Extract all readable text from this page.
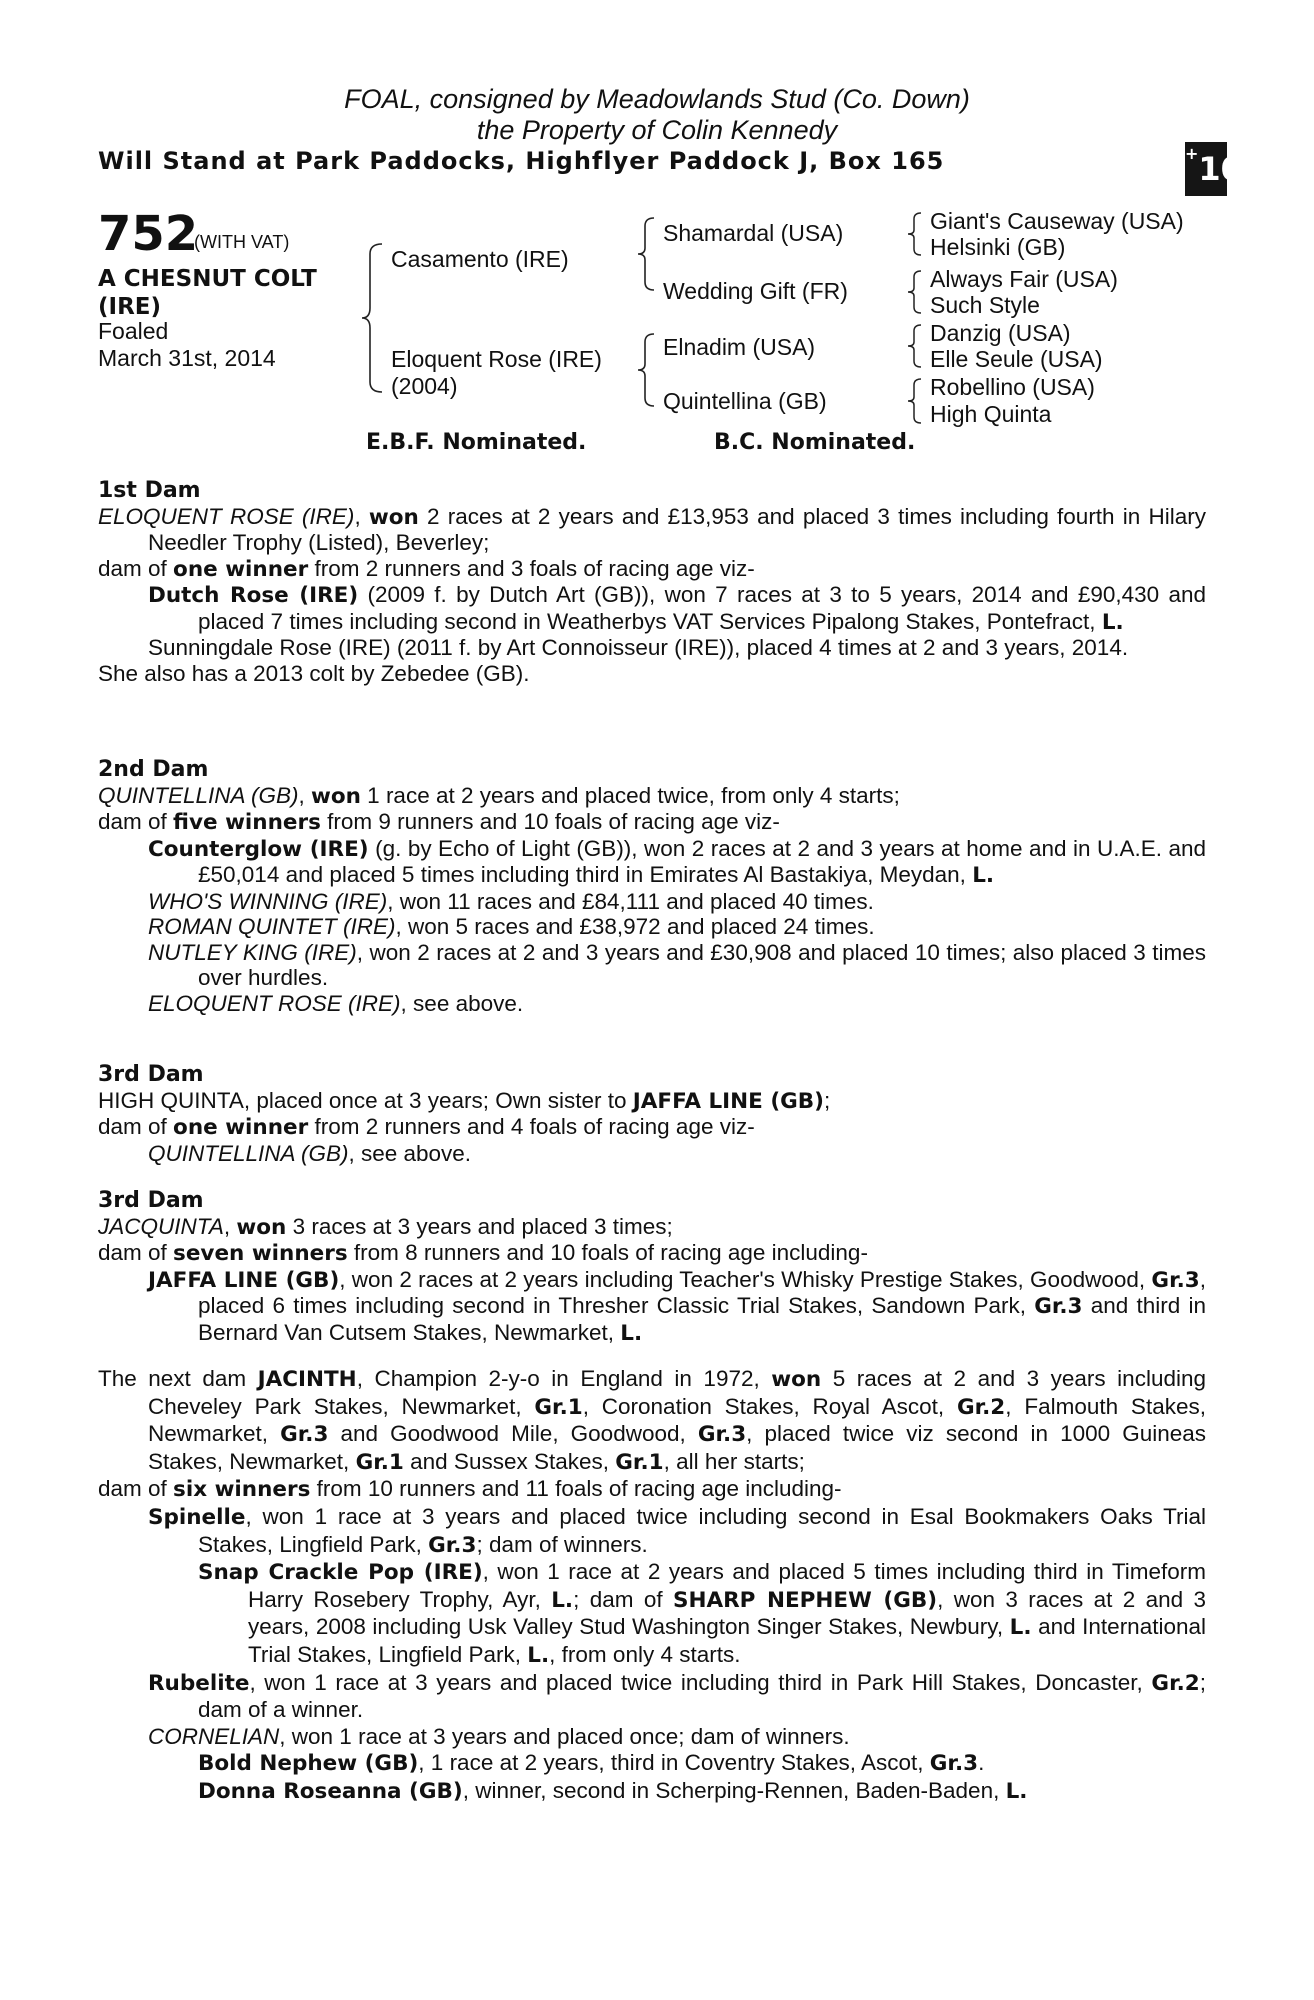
FOAL, consigned by Meadowlands Stud (Co. Down)
the Property of Colin Kennedy
Will Stand at Park Paddocks, Highflyer Paddock J, Box 165	+10
752
(WITH VAT)
A CHESNUT COLT
(IRE)
Foaled
March 31st, 2014
Casamento (IRE)
Eloquent Rose (IRE)
(2004)
Shamardal (USA)
Wedding Gift (FR)
Elnadim (USA)
Quintellina (GB)
Giant's Causeway (USA)
Helsinki (GB)
Always Fair (USA)
Such Style
Danzig (USA)
Elle Seule (USA)
Robellino (USA)
High Quinta
E.B.F. Nominated.	B.C. Nominated.

1st Dam

ELOQUENT ROSE (IRE), won 2 races at 2 years and £13,953 and placed 3 times including fourth in Hilary Needler Trophy (Listed), Beverley;

dam of one winner from 2 runners and 3 foals of racing age viz-

Dutch Rose (IRE) (2009 f. by Dutch Art (GB)), won 7 races at 3 to 5 years, 2014 and £90,430 and placed 7 times including second in Weatherbys VAT Services Pipalong Stakes, Pontefract, L.

Sunningdale Rose (IRE) (2011 f. by Art Connoisseur (IRE)), placed 4 times at 2 and 3 years, 2014.

She also has a 2013 colt by Zebedee (GB).

2nd Dam

QUINTELLINA (GB), won 1 race at 2 years and placed twice, from only 4 starts;

dam of five winners from 9 runners and 10 foals of racing age viz-

Counterglow (IRE) (g. by Echo of Light (GB)), won 2 races at 2 and 3 years at home and in U.A.E. and £50,014 and placed 5 times including third in Emirates Al Bastakiya, Meydan, L.

WHO'S WINNING (IRE), won 11 races and £84,111 and placed 40 times.

ROMAN QUINTET (IRE), won 5 races and £38,972 and placed 24 times.

NUTLEY KING (IRE), won 2 races at 2 and 3 years and £30,908 and placed 10 times; also placed 3 times over hurdles.

ELOQUENT ROSE (IRE), see above.

3rd Dam

HIGH QUINTA, placed once at 3 years; Own sister to JAFFA LINE (GB);

dam of one winner from 2 runners and 4 foals of racing age viz-

QUINTELLINA (GB), see above.

3rd Dam

JACQUINTA, won 3 races at 3 years and placed 3 times;

dam of seven winners from 8 runners and 10 foals of racing age including-

JAFFA LINE (GB), won 2 races at 2 years including Teacher's Whisky Prestige Stakes, Goodwood, Gr.3, placed 6 times including second in Thresher Classic Trial Stakes, Sandown Park, Gr.3 and third in Bernard Van Cutsem Stakes, Newmarket, L.

The next dam JACINTH, Champion 2-y-o in England in 1972, won 5 races at 2 and 3 years including Cheveley Park Stakes, Newmarket, Gr.1, Coronation Stakes, Royal Ascot, Gr.2, Falmouth Stakes, Newmarket, Gr.3 and Goodwood Mile, Goodwood, Gr.3, placed twice viz second in 1000 Guineas Stakes, Newmarket, Gr.1 and Sussex Stakes, Gr.1, all her starts;

dam of six winners from 10 runners and 11 foals of racing age including-

Spinelle, won 1 race at 3 years and placed twice including second in Esal Bookmakers Oaks Trial Stakes, Lingfield Park, Gr.3; dam of winners.

Snap Crackle Pop (IRE), won 1 race at 2 years and placed 5 times including third in Timeform Harry Rosebery Trophy, Ayr, L.; dam of SHARP NEPHEW (GB), won 3 races at 2 and 3 years, 2008 including Usk Valley Stud Washington Singer Stakes, Newbury, L. and International Trial Stakes, Lingfield Park, L., from only 4 starts.

Rubelite, won 1 race at 3 years and placed twice including third in Park Hill Stakes, Doncaster, Gr.2; dam of a winner.

CORNELIAN, won 1 race at 3 years and placed once; dam of winners.

Bold Nephew (GB), 1 race at 2 years, third in Coventry Stakes, Ascot, Gr.3.

Donna Roseanna (GB), winner, second in Scherping-Rennen, Baden-Baden, L.
